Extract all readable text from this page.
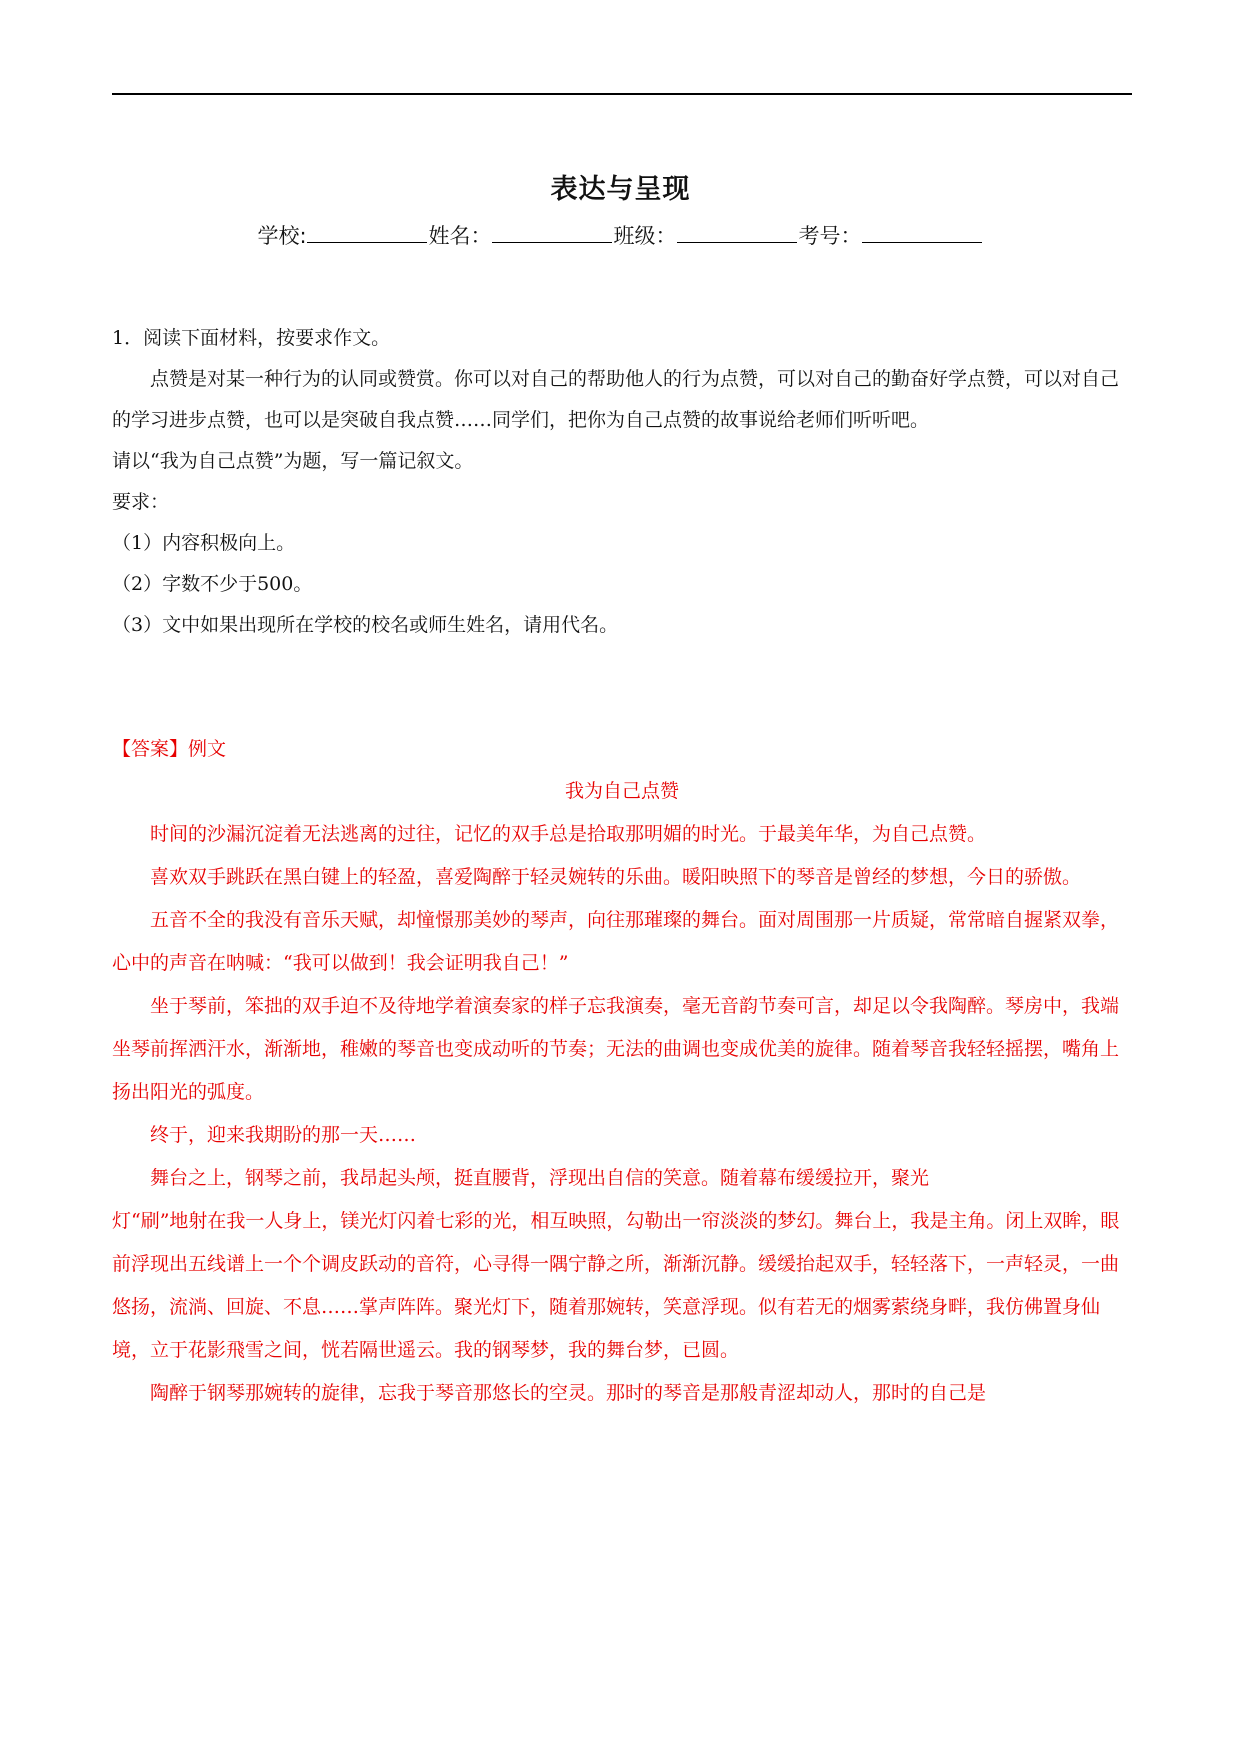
表达与呈现
学校:	姓名：	班级：	考号：

1．阅读下面材料，按要求作文。

点赞是对某一种行为的认同或赞赏。你可以对自己的帮助他人的行为点赞，可以对自己的勤奋好学点赞，可以对自己的学习进步点赞，也可以是突破自我点赞……同学们，把你为自己点赞的故事说给老师们听听吧。

请以“我为自己点赞”为题，写一篇记叙文。

要求：

（1）内容积极向上。

（2）字数不少于500。

（3）文中如果出现所在学校的校名或师生姓名，请用代名。

【答案】例文

我为自己点赞

时间的沙漏沉淀着无法逃离的过往，记忆的双手总是拾取那明媚的时光。于最美年华，为自己点赞。

喜欢双手跳跃在黑白键上的轻盈，喜爱陶醉于轻灵婉转的乐曲。暖阳映照下的琴音是曾经的梦想，今日的骄傲。

五音不全的我没有音乐天赋，却憧憬那美妙的琴声，向往那璀璨的舞台。面对周围那一片质疑，常常暗自握紧双拳，心中的声音在呐喊：“我可以做到！我会证明我自己！”

坐于琴前，笨拙的双手迫不及待地学着演奏家的样子忘我演奏，毫无音韵节奏可言，却足以令我陶醉。琴房中，我端坐琴前挥洒汗水，渐渐地，稚嫩的琴音也变成动听的节奏；无法的曲调也变成优美的旋律。随着琴音我轻轻摇摆，嘴角上扬出阳光的弧度。

终于，迎来我期盼的那一天……

舞台之上，钢琴之前，我昂起头颅，挺直腰背，浮现出自信的笑意。随着幕布缓缓拉开，聚光

灯“刷”地射在我一人身上，镁光灯闪着七彩的光，相互映照，勾勒出一帘淡淡的梦幻。舞台上，我是主角。闭上双眸，眼前浮现出五线谱上一个个调皮跃动的音符，心寻得一隅宁静之所，渐渐沉静。缓缓抬起双手，轻轻落下，一声轻灵，一曲悠扬，流淌、回旋、不息……掌声阵阵。聚光灯下，随着那婉转，笑意浮现。似有若无的烟雾萦绕身畔，我仿佛置身仙境，立于花影飛雪之间，恍若隔世遥云。我的钢琴梦，我的舞台梦，已圆。

陶醉于钢琴那婉转的旋律，忘我于琴音那悠长的空灵。那时的琴音是那般青涩却动人，那时的自己是
